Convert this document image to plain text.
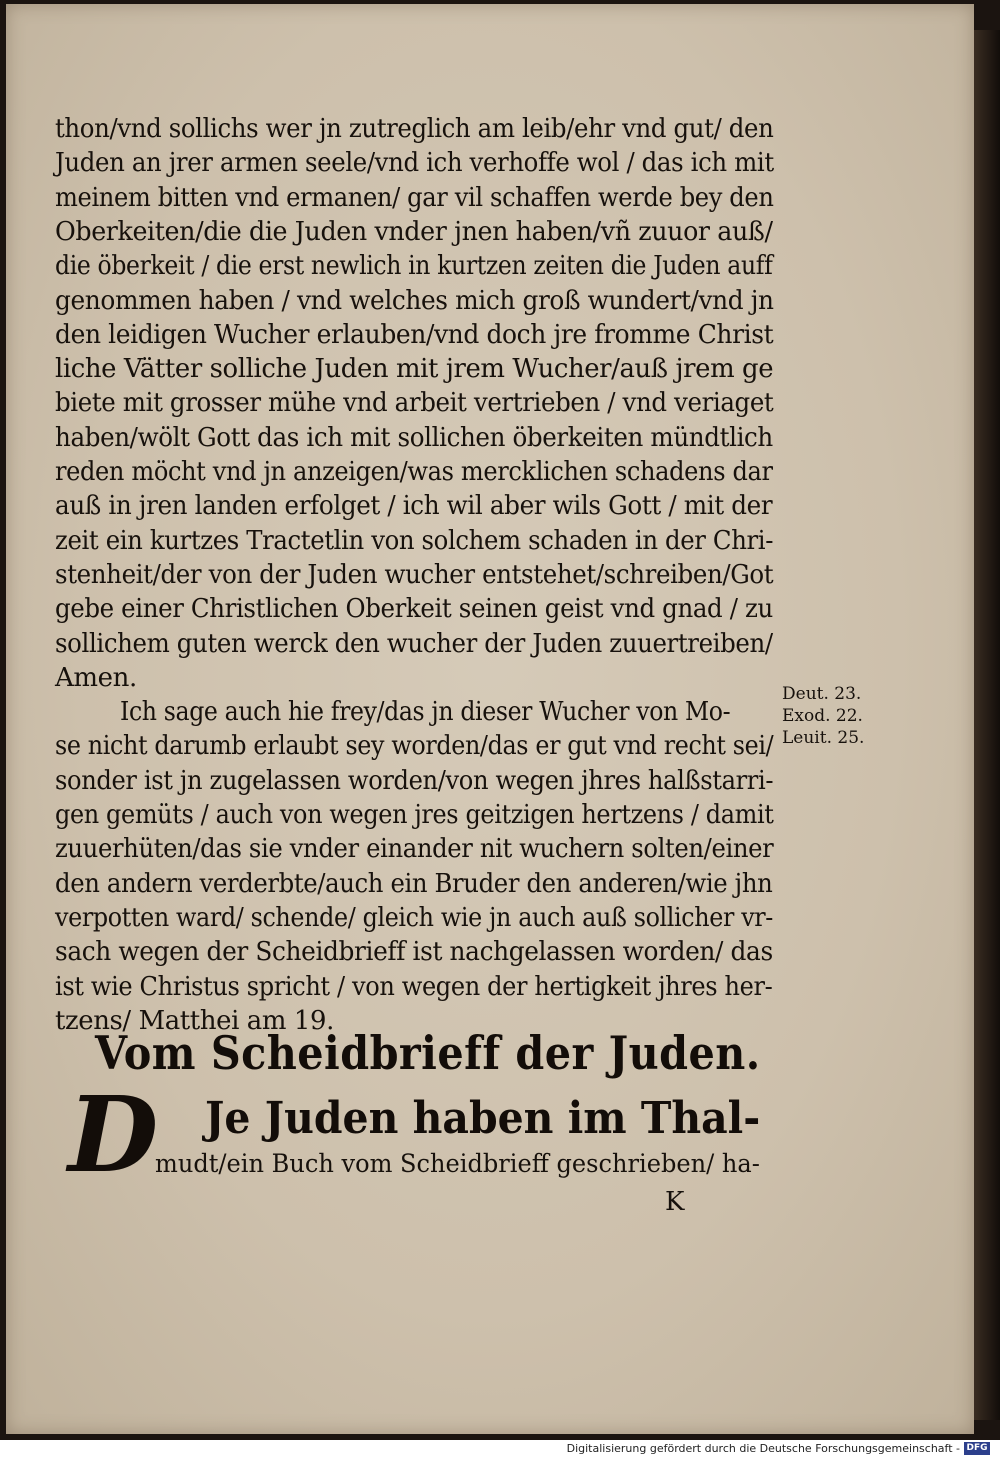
thon/vnd sollichs wer jn zutreglich am leib/ehr vnd gut/ den
Juden an jrer armen seele/vnd ich verhoffe wol / das ich mit
meinem bitten vnd ermanen/ gar vil schaffen werde bey den
Oberkeiten/die die Juden vnder jnen haben/vñ zuuor auß/
die öberkeit / die erst newlich in kurtzen zeiten die Juden auff
genommen haben / vnd welches mich groß wundert/vnd jn
den leidigen Wucher erlauben/vnd doch jre fromme Christ
liche Vätter solliche Juden mit jrem Wucher/auß jrem ge
biete mit grosser mühe vnd arbeit vertrieben / vnd veriaget
haben/wölt Gott das ich mit sollichen öberkeiten mündtlich
reden möcht vnd jn anzeigen/was mercklichen schadens dar
auß in jren landen erfolget / ich wil aber wils Gott / mit der
zeit ein kurtzes Tractetlin von solchem schaden in der Chri-
stenheit/der von der Juden wucher entstehet/schreiben/Got
gebe einer Christlichen Oberkeit seinen geist vnd gnad / zu
sollichem guten werck den wucher der Juden zuuertreiben/
Amen.
Ich sage auch hie frey/das jn dieser Wucher von Mo-
se nicht darumb erlaubt sey worden/das er gut vnd recht sei/
sonder ist jn zugelassen worden/von wegen jhres halßstarri-
gen gemüts / auch von wegen jres geitzigen hertzens / damit
zuuerhüten/das sie vnder einander nit wuchern solten/einer
den andern verderbte/auch ein Bruder den anderen/wie jhn
verpotten ward/ schende/ gleich wie jn auch auß sollicher vr-
sach wegen der Scheidbrieff ist nachgelassen worden/ das
ist wie Christus spricht / von wegen der hertigkeit jhres her-
tzens/ Matthei am 19.
Deut. 23.
Exod. 22.
Leuit. 25.
Vom Scheidbrieff der Juden.
D Je Juden haben im Thal-
mudt/ein Buch vom Scheidbrieff geschrieben/ ha-
K
Digitalisierung gefördert durch die Deutsche Forschungsgemeinschaft - DFG
